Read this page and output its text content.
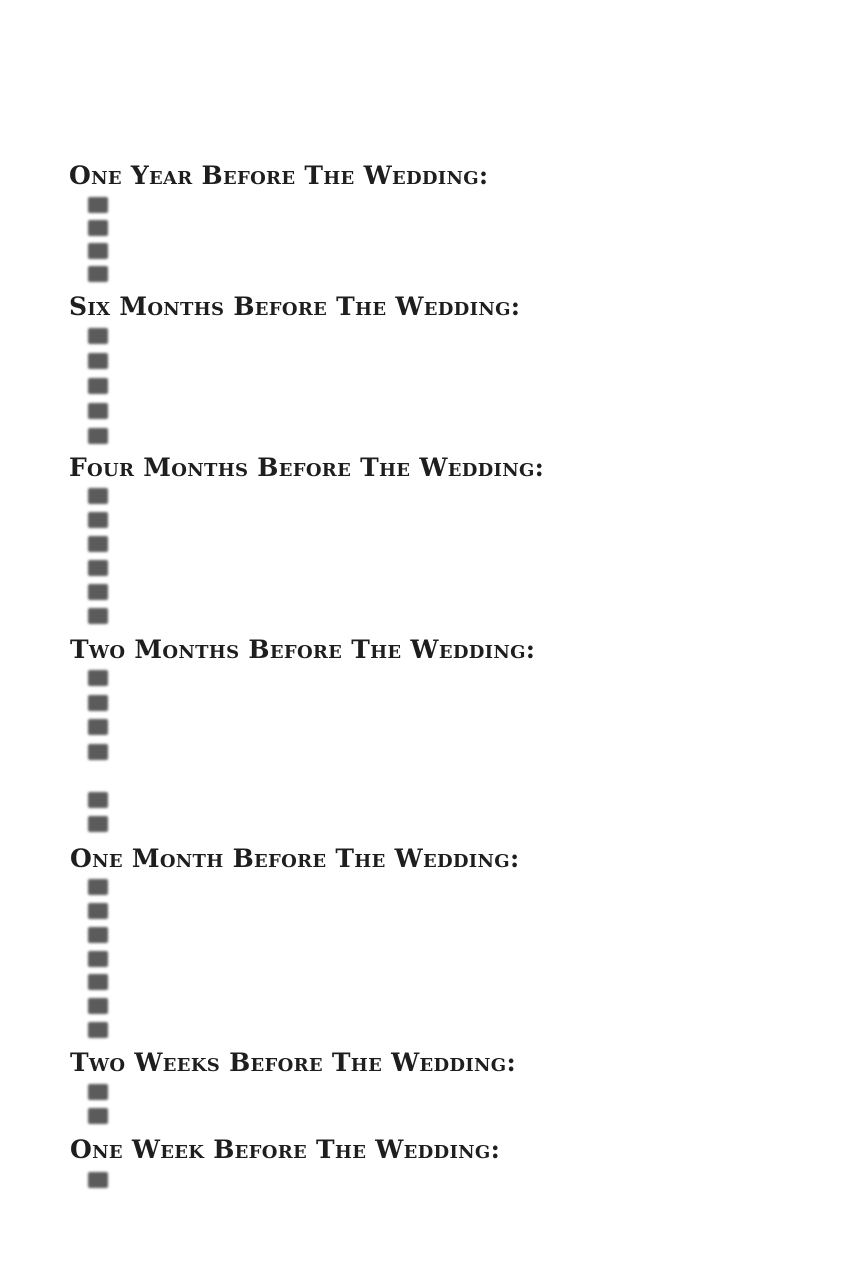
One Year Before The Wedding:
Six Months Before The Wedding:
Four Months Before The Wedding:
Two Months Before The Wedding:
One Month Before The Wedding:
Two Weeks Before The Wedding:
One Week Before The Wedding:
